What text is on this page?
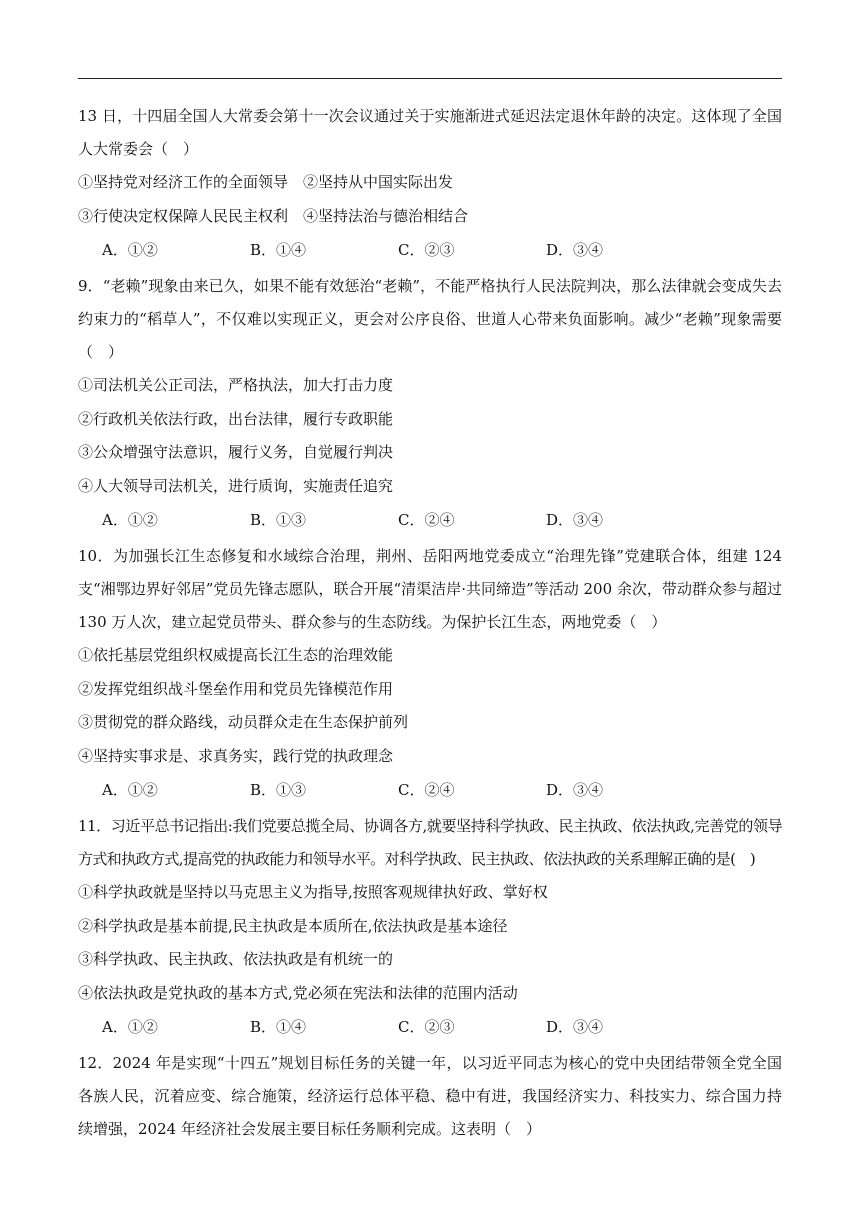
13 日，十四届全国人大常委会第十一次会议通过关于实施渐进式延迟法定退休年龄的决定。这体现了全国人大常委会（　）

①坚持党对经济工作的全面领导　②坚持从中国实际出发

③行使决定权保障人民民主权利　④坚持法治与德治相结合

A．①②	B．①④	C．②③	D．③④

9．“老赖”现象由来已久，如果不能有效惩治“老赖”，不能严格执行人民法院判决，那么法律就会变成失去约束力的“稻草人”，不仅难以实现正义，更会对公序良俗、世道人心带来负面影响。减少“老赖”现象需要（　）

①司法机关公正司法，严格执法，加大打击力度

②行政机关依法行政，出台法律，履行专政职能

③公众增强守法意识，履行义务，自觉履行判决

④人大领导司法机关，进行质询，实施责任追究

A．①②	B．①③	C．②④	D．③④

10．为加强长江生态修复和水域综合治理，荆州、岳阳两地党委成立“治理先锋”党建联合体，组建 124 支“湘鄂边界好邻居”党员先锋志愿队，联合开展“清渠洁岸·共同缔造”等活动 200 余次，带动群众参与超过 130 万人次，建立起党员带头、群众参与的生态防线。为保护长江生态，两地党委（　）

①依托基层党组织权威提高长江生态的治理效能

②发挥党组织战斗堡垒作用和党员先锋模范作用

③贯彻党的群众路线，动员群众走在生态保护前列

④坚持实事求是、求真务实，践行党的执政理念

A．①②	B．①③	C．②④	D．③④

11．习近平总书记指出:我们党要总揽全局、协调各方,就要坚持科学执政、民主执政、依法执政,完善党的领导方式和执政方式,提高党的执政能力和领导水平。对科学执政、民主执政、依法执政的关系理解正确的是(　)

①科学执政就是坚持以马克思主义为指导,按照客观规律执好政、掌好权

②科学执政是基本前提,民主执政是本质所在,依法执政是基本途径

③科学执政、民主执政、依法执政是有机统一的

④依法执政是党执政的基本方式,党必须在宪法和法律的范围内活动

A．①②	B．①④	C．②③	D．③④

12．2024 年是实现“十四五”规划目标任务的关键一年，以习近平同志为核心的党中央团结带领全党全国各族人民，沉着应变、综合施策，经济运行总体平稳、稳中有进，我国经济实力、科技实力、综合国力持续增强，2024 年经济社会发展主要目标任务顺利完成。这表明（　）
